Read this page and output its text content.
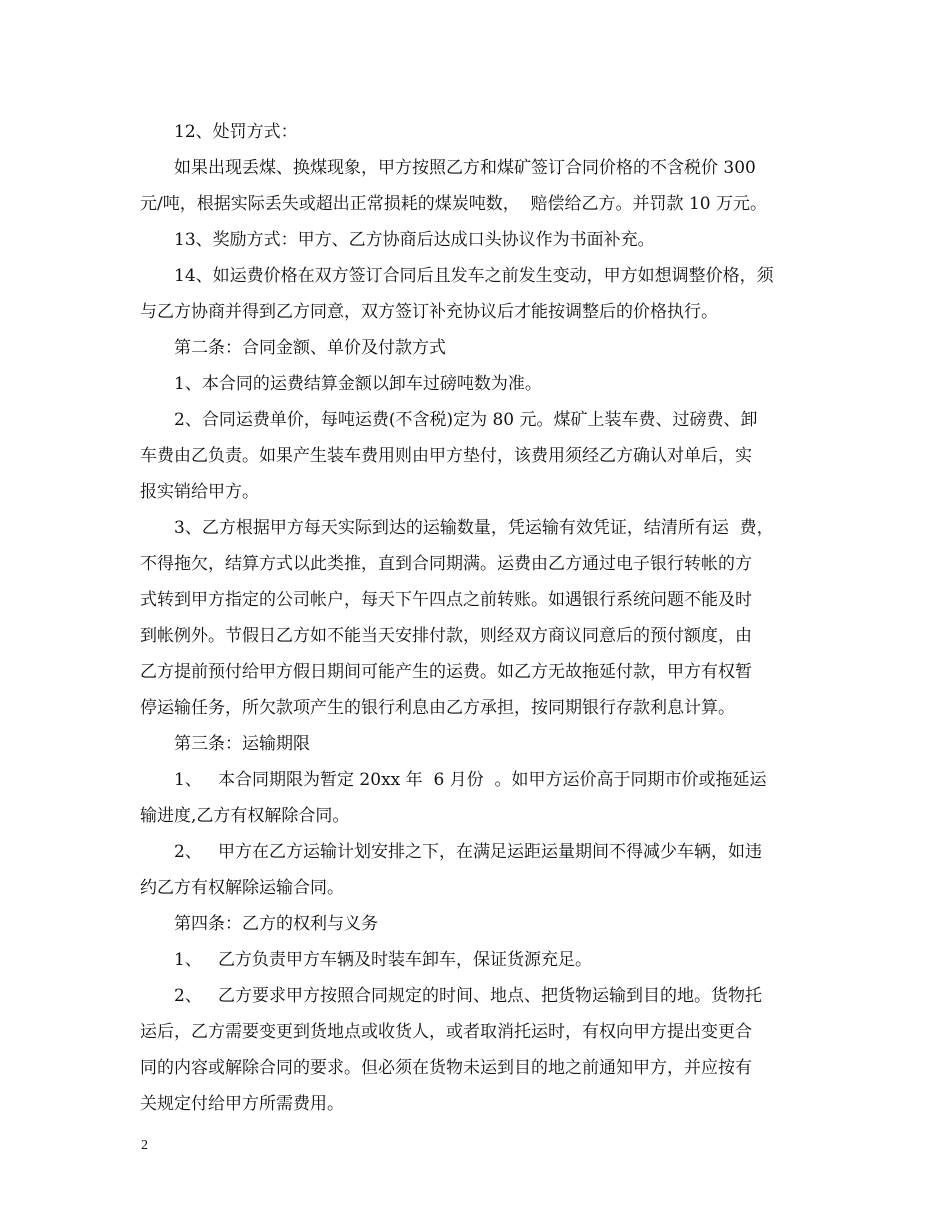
12、处罚方式：
如果出现丢煤、换煤现象，甲方按照乙方和煤矿签订合同价格的不含税价 300
元/吨，根据实际丢失或超出正常损耗的煤炭吨数，  赔偿给乙方。并罚款 10 万元。
13、奖励方式：甲方、乙方协商后达成口头协议作为书面补充。
14、如运费价格在双方签订合同后且发车之前发生变动，甲方如想调整价格，须
与乙方协商并得到乙方同意，双方签订补充协议后才能按调整后的价格执行。
第二条：合同金额、单价及付款方式
1、本合同的运费结算金额以卸车过磅吨数为准。
2、合同运费单价，每吨运费(不含税)定为 80 元。煤矿上装车费、过磅费、卸
车费由乙负责。如果产生装车费用则由甲方垫付，该费用须经乙方确认对单后，实
报实销给甲方。
3、乙方根据甲方每天实际到达的运输数量，凭运输有效凭证，结清所有运  费，
不得拖欠，结算方式以此类推，直到合同期满。运费由乙方通过电子银行转帐的方
式转到甲方指定的公司帐户，每天下午四点之前转账。如遇银行系统问题不能及时
到帐例外。节假日乙方如不能当天安排付款，则经双方商议同意后的预付额度，由
乙方提前预付给甲方假日期间可能产生的运费。如乙方无故拖延付款，甲方有权暂
停运输任务，所欠款项产生的银行利息由乙方承担，按同期银行存款利息计算。
第三条：运输期限
1、   本合同期限为暂定 20xx 年  6 月份  。如甲方运价高于同期市价或拖延运
输进度,乙方有权解除合同。
2、   甲方在乙方运输计划安排之下，在满足运距运量期间不得减少车辆，如违
约乙方有权解除运输合同。
第四条：乙方的权利与义务
1、   乙方负责甲方车辆及时装车卸车，保证货源充足。
2、   乙方要求甲方按照合同规定的时间、地点、把货物运输到目的地。货物托
运后，乙方需要变更到货地点或收货人，或者取消托运时，有权向甲方提出变更合
同的内容或解除合同的要求。但必须在货物未运到目的地之前通知甲方，并应按有
关规定付给甲方所需费用。
2
